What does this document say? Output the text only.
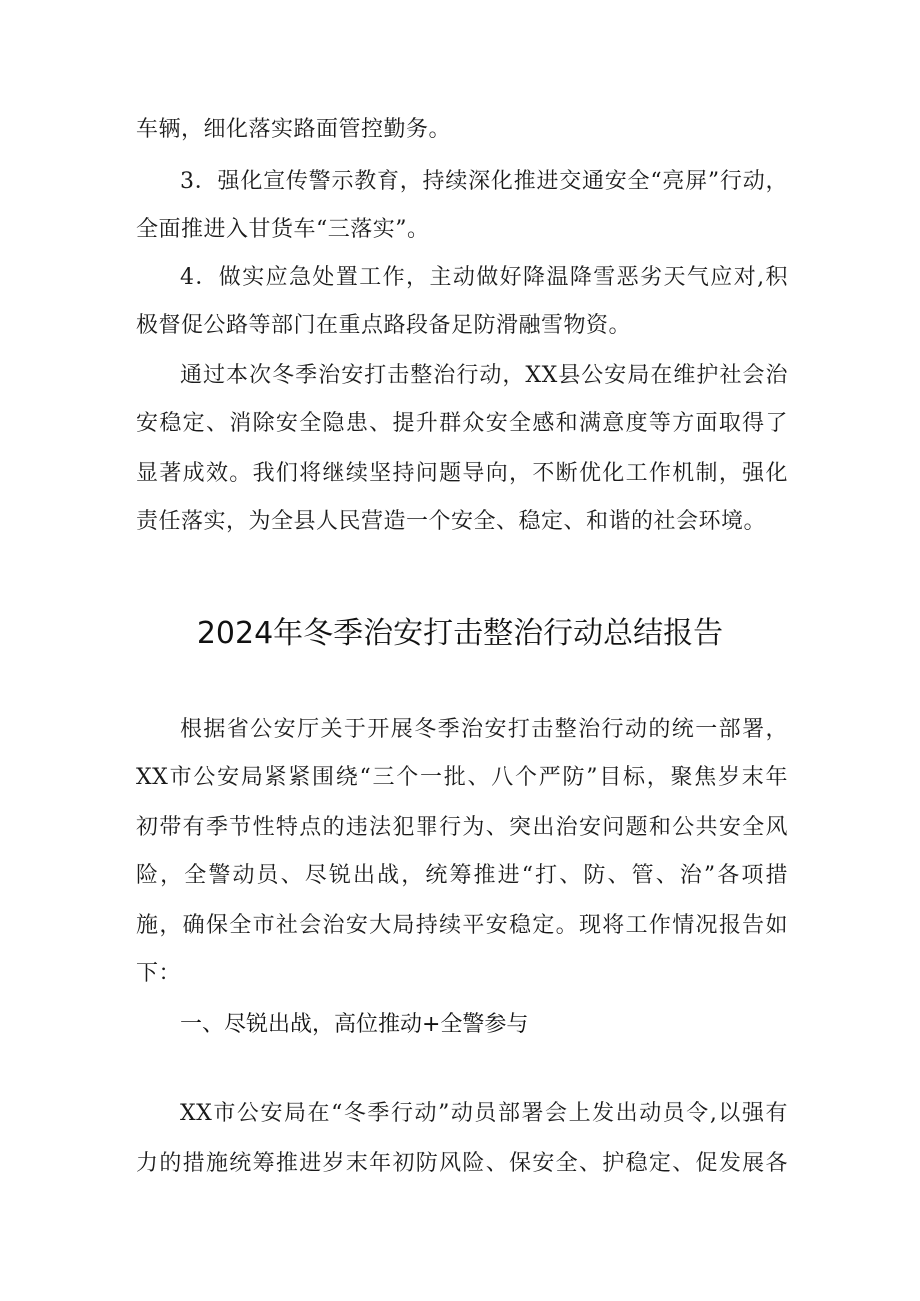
车辆，细化落实路面管控勤务。
3．强化宣传警示教育，持续深化推进交通安全“亮屏”行动，
全面推进入甘货车“三落实”。
4．做实应急处置工作，主动做好降温降雪恶劣天气应对,积
极督促公路等部门在重点路段备足防滑融雪物资。
通过本次冬季治安打击整治行动，XX县公安局在维护社会治
安稳定、消除安全隐患、提升群众安全感和满意度等方面取得了
显著成效。我们将继续坚持问题导向，不断优化工作机制，强化
责任落实，为全县人民营造一个安全、稳定、和谐的社会环境。
2024年冬季治安打击整治行动总结报告
根据省公安厅关于开展冬季治安打击整治行动的统一部署，
XX市公安局紧紧围绕“三个一批、八个严防”目标，聚焦岁末年
初带有季节性特点的违法犯罪行为、突出治安问题和公共安全风
险，全警动员、尽锐出战，统筹推进“打、防、管、治”各项措
施，确保全市社会治安大局持续平安稳定。现将工作情况报告如
下：
一、尽锐出战，高位推动+全警参与
XX市公安局在“冬季行动”动员部署会上发出动员令,以强有
力的措施统筹推进岁末年初防风险、保安全、护稳定、促发展各
